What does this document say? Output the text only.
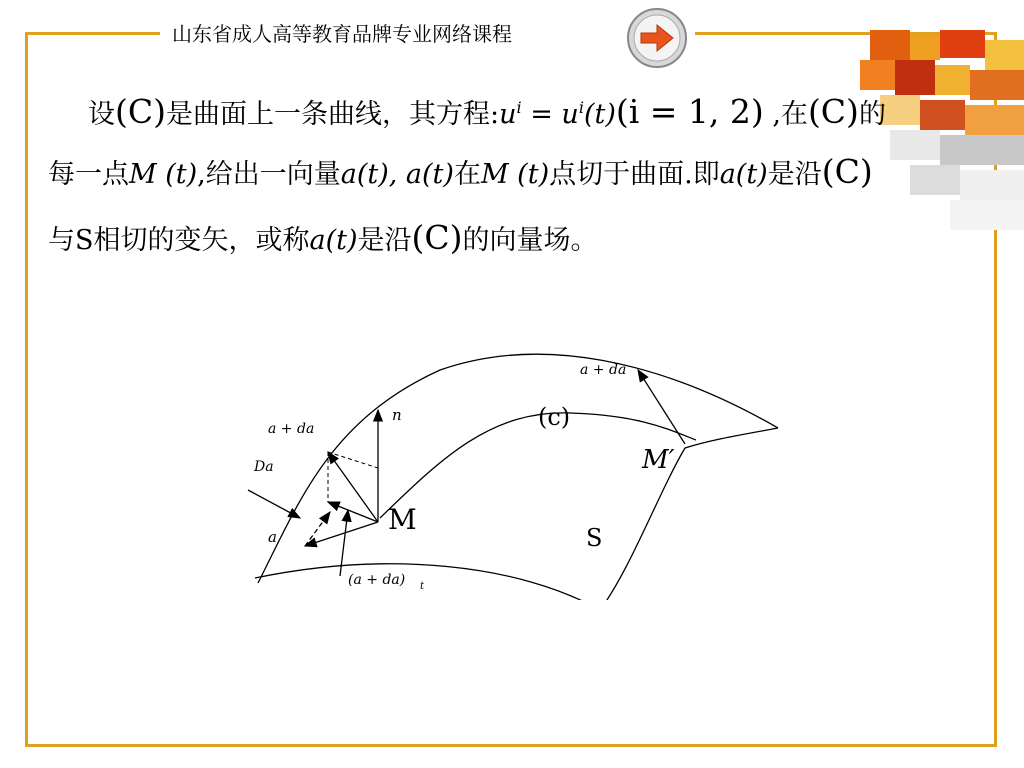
山东省成人高等教育品牌专业网络课程
设(C)是曲面上一条曲线，其方程$:u^i = u^i(t)(i = 1$, 2) ,在(C)的
每一点M (t),给出一向量a(t), a(t)在M (t)点切于曲面.即a(t)是沿(C)
与S相切的变矢，或称a(t)是沿(C)的向量场。
a + da
(c)
M′
n
a + da
Da
M
S
a
(a + da) t
